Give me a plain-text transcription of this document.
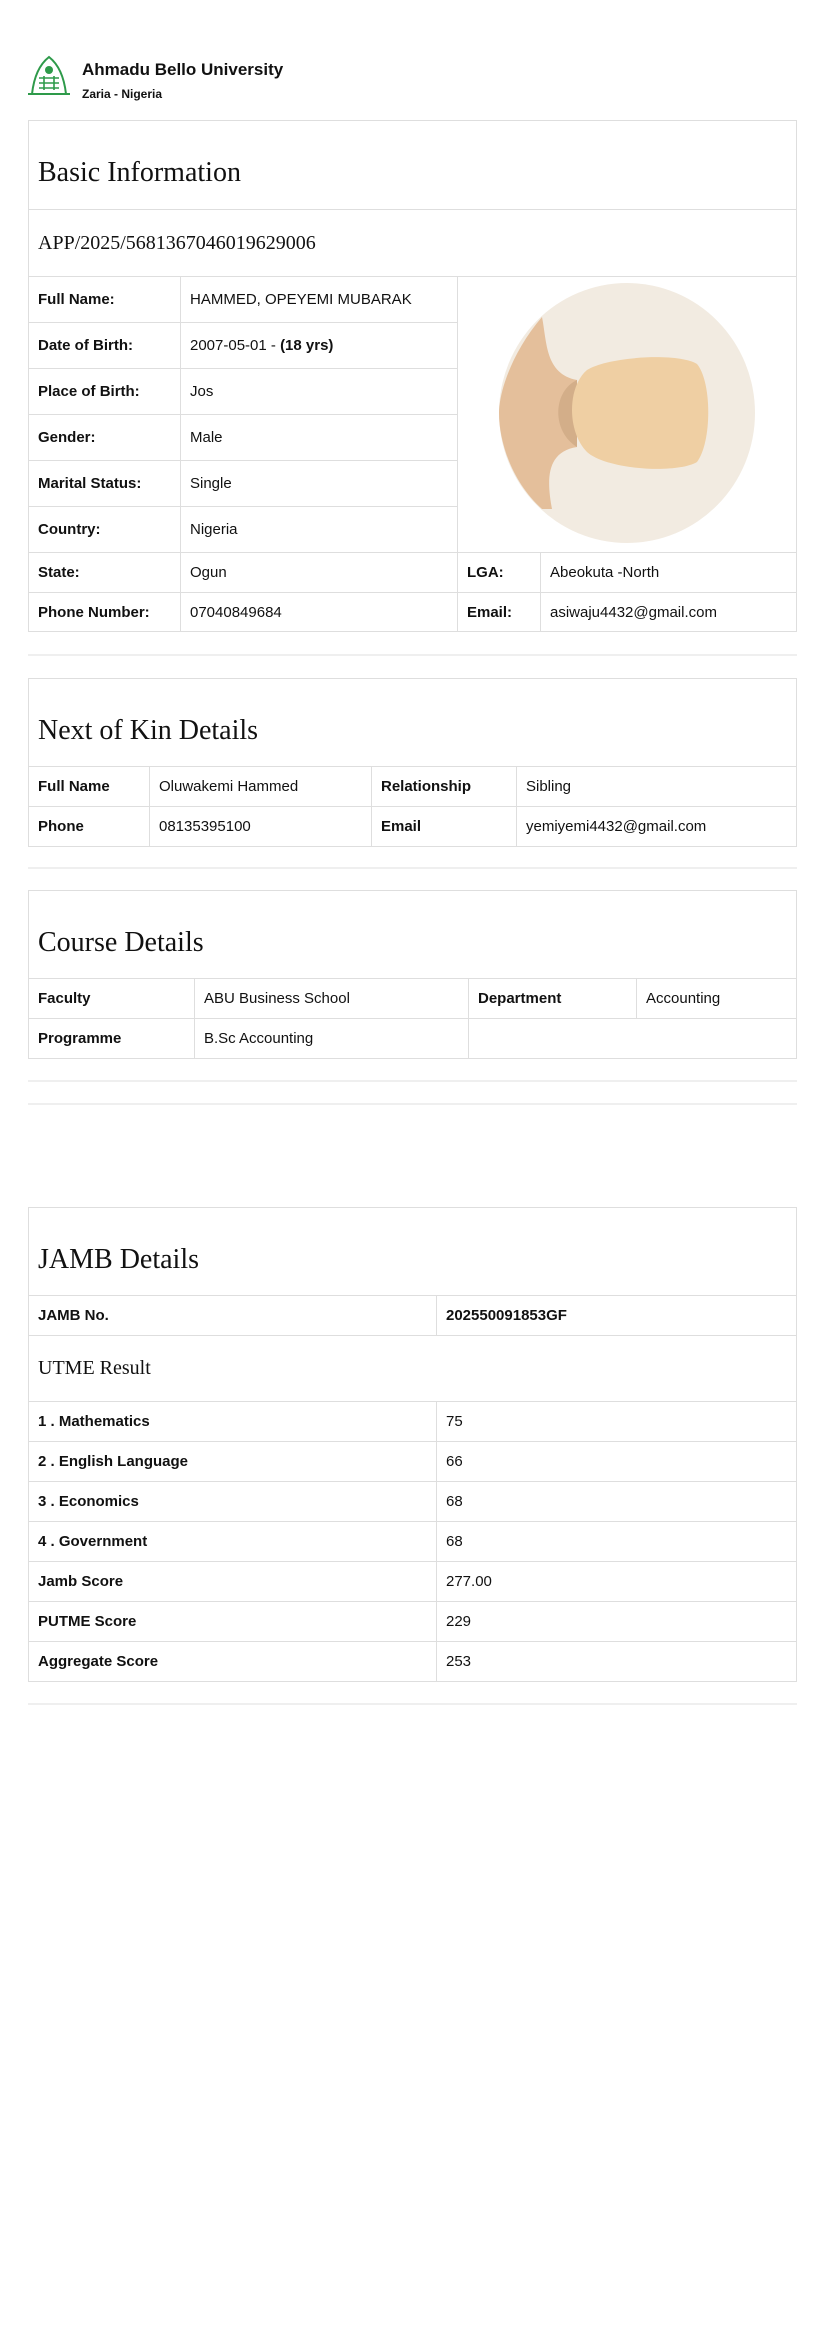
Ahmadu Bello University
Zaria - Nigeria
Basic Information			
APP/2025/5681367046019629006			
Full Name:	HAMMED, OPEYEMI MUBARAK	
Date of Birth:	2007-05-01 - (18 yrs)		
Place of Birth:	Jos		
Gender:	Male		
Marital Status:	Single		
Country:	Nigeria		
State:	Ogun	LGA:	Abeokuta -North
Phone Number:	07040849684	Email:	asiwaju4432@gmail.com
Next of Kin Details			
Full Name	Oluwakemi Hammed	Relationship	Sibling
Phone	08135395100	Email	yemiyemi4432@gmail.com
Course Details			
Faculty	ABU Business School	Department	Accounting
Programme	B.Sc Accounting		
JAMB Details	
JAMB No.	202550091853GF
UTME Result	
1 . Mathematics	75
2 . English Language	66
3 . Economics	68
4 . Government	68
Jamb Score	277.00
PUTME Score	229
Aggregate Score	253
